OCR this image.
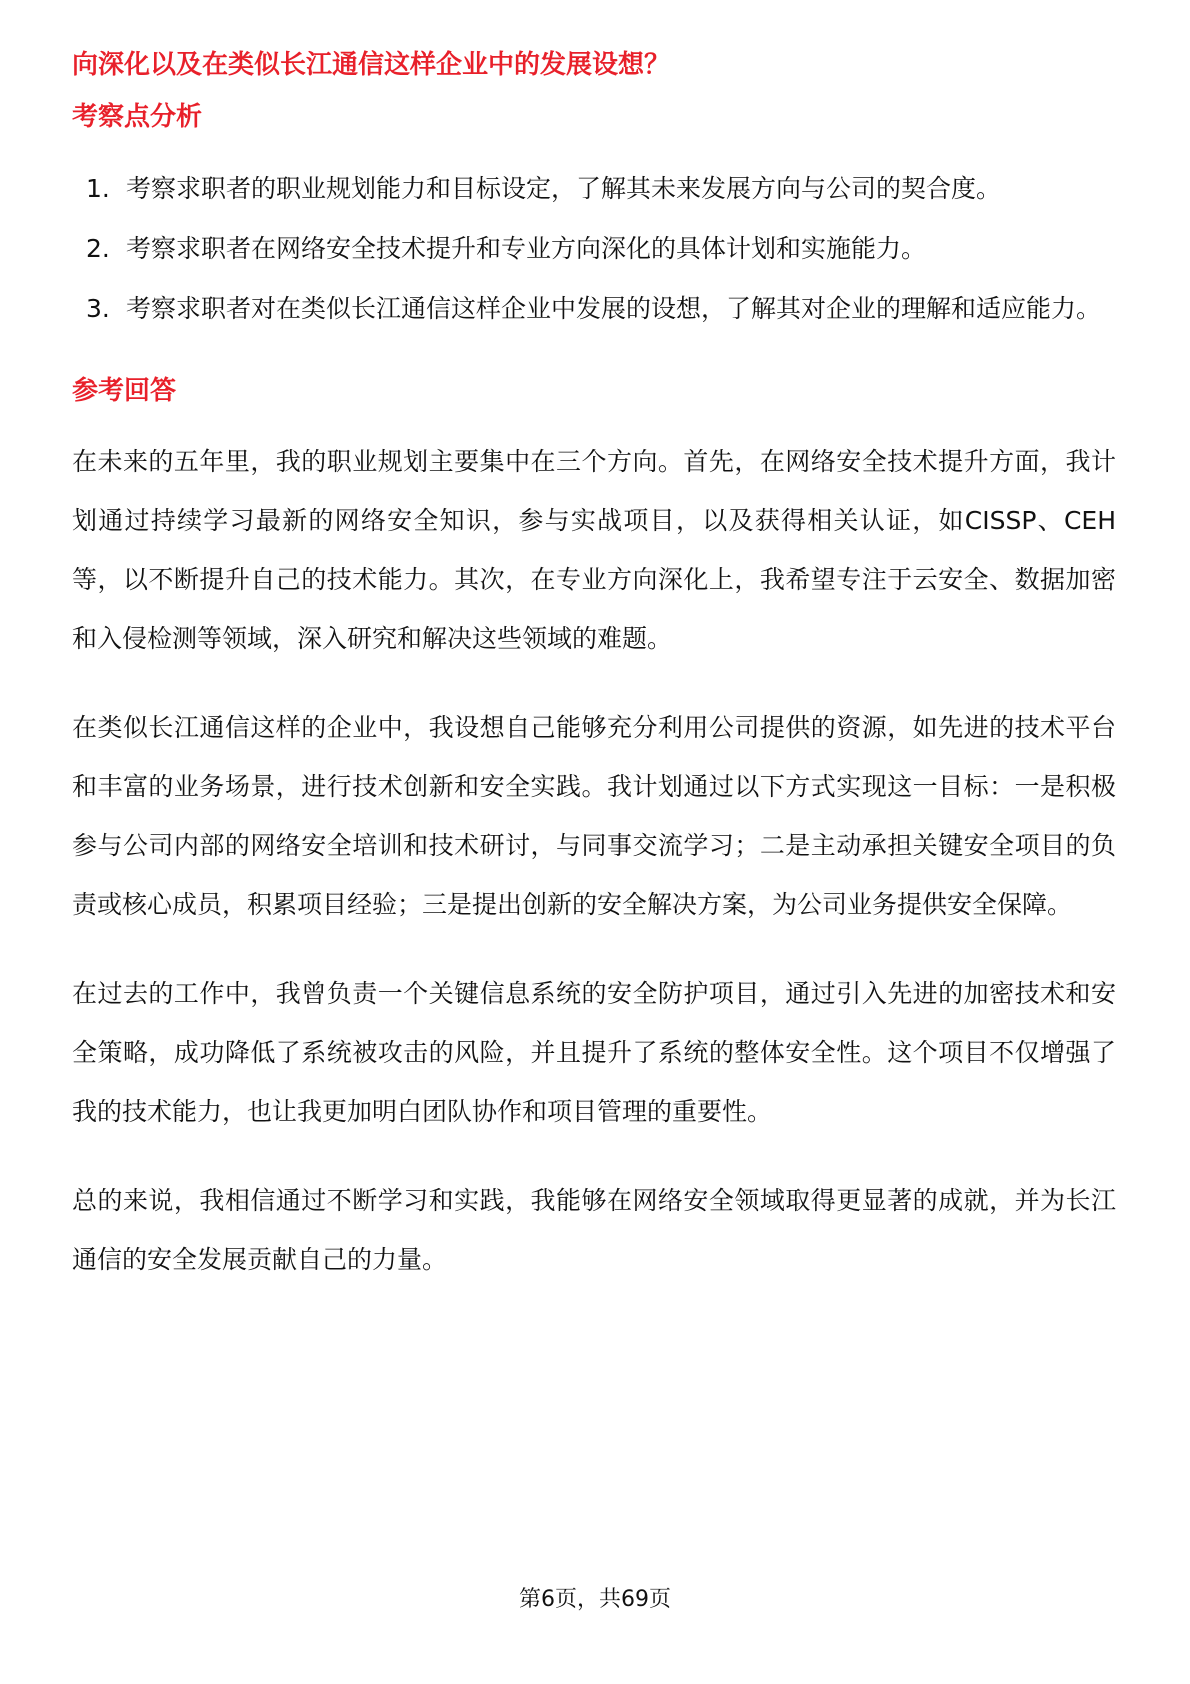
向深化以及在类似长江通信这样企业中的发展设想？

考察点分析

1. 考察求职者的职业规划能力和目标设定，了解其未来发展方向与公司的契合度。
2. 考察求职者在网络安全技术提升和专业方向深化的具体计划和实施能力。
3. 考察求职者对在类似长江通信这样企业中发展的设想，了解其对企业的理解和适应能力。

参考回答

在未来的五年里，我的职业规划主要集中在三个方向。首先，在网络安全技术提升方面，我计划通过持续学习最新的网络安全知识，参与实战项目，以及获得相关认证，如CISSP、CEH等，以不断提升自己的技术能力。其次，在专业方向深化上，我希望专注于云安全、数据加密和入侵检测等领域，深入研究和解决这些领域的难题。

在类似长江通信这样的企业中，我设想自己能够充分利用公司提供的资源，如先进的技术平台和丰富的业务场景，进行技术创新和安全实践。我计划通过以下方式实现这一目标：一是积极参与公司内部的网络安全培训和技术研讨，与同事交流学习；二是主动承担关键安全项目的负责或核心成员，积累项目经验；三是提出创新的安全解决方案，为公司业务提供安全保障。

在过去的工作中，我曾负责一个关键信息系统的安全防护项目，通过引入先进的加密技术和安全策略，成功降低了系统被攻击的风险，并且提升了系统的整体安全性。这个项目不仅增强了我的技术能力，也让我更加明白团队协作和项目管理的重要性。

总的来说，我相信通过不断学习和实践，我能够在网络安全领域取得更显著的成就，并为长江通信的安全发展贡献自己的力量。

第6页，共69页
